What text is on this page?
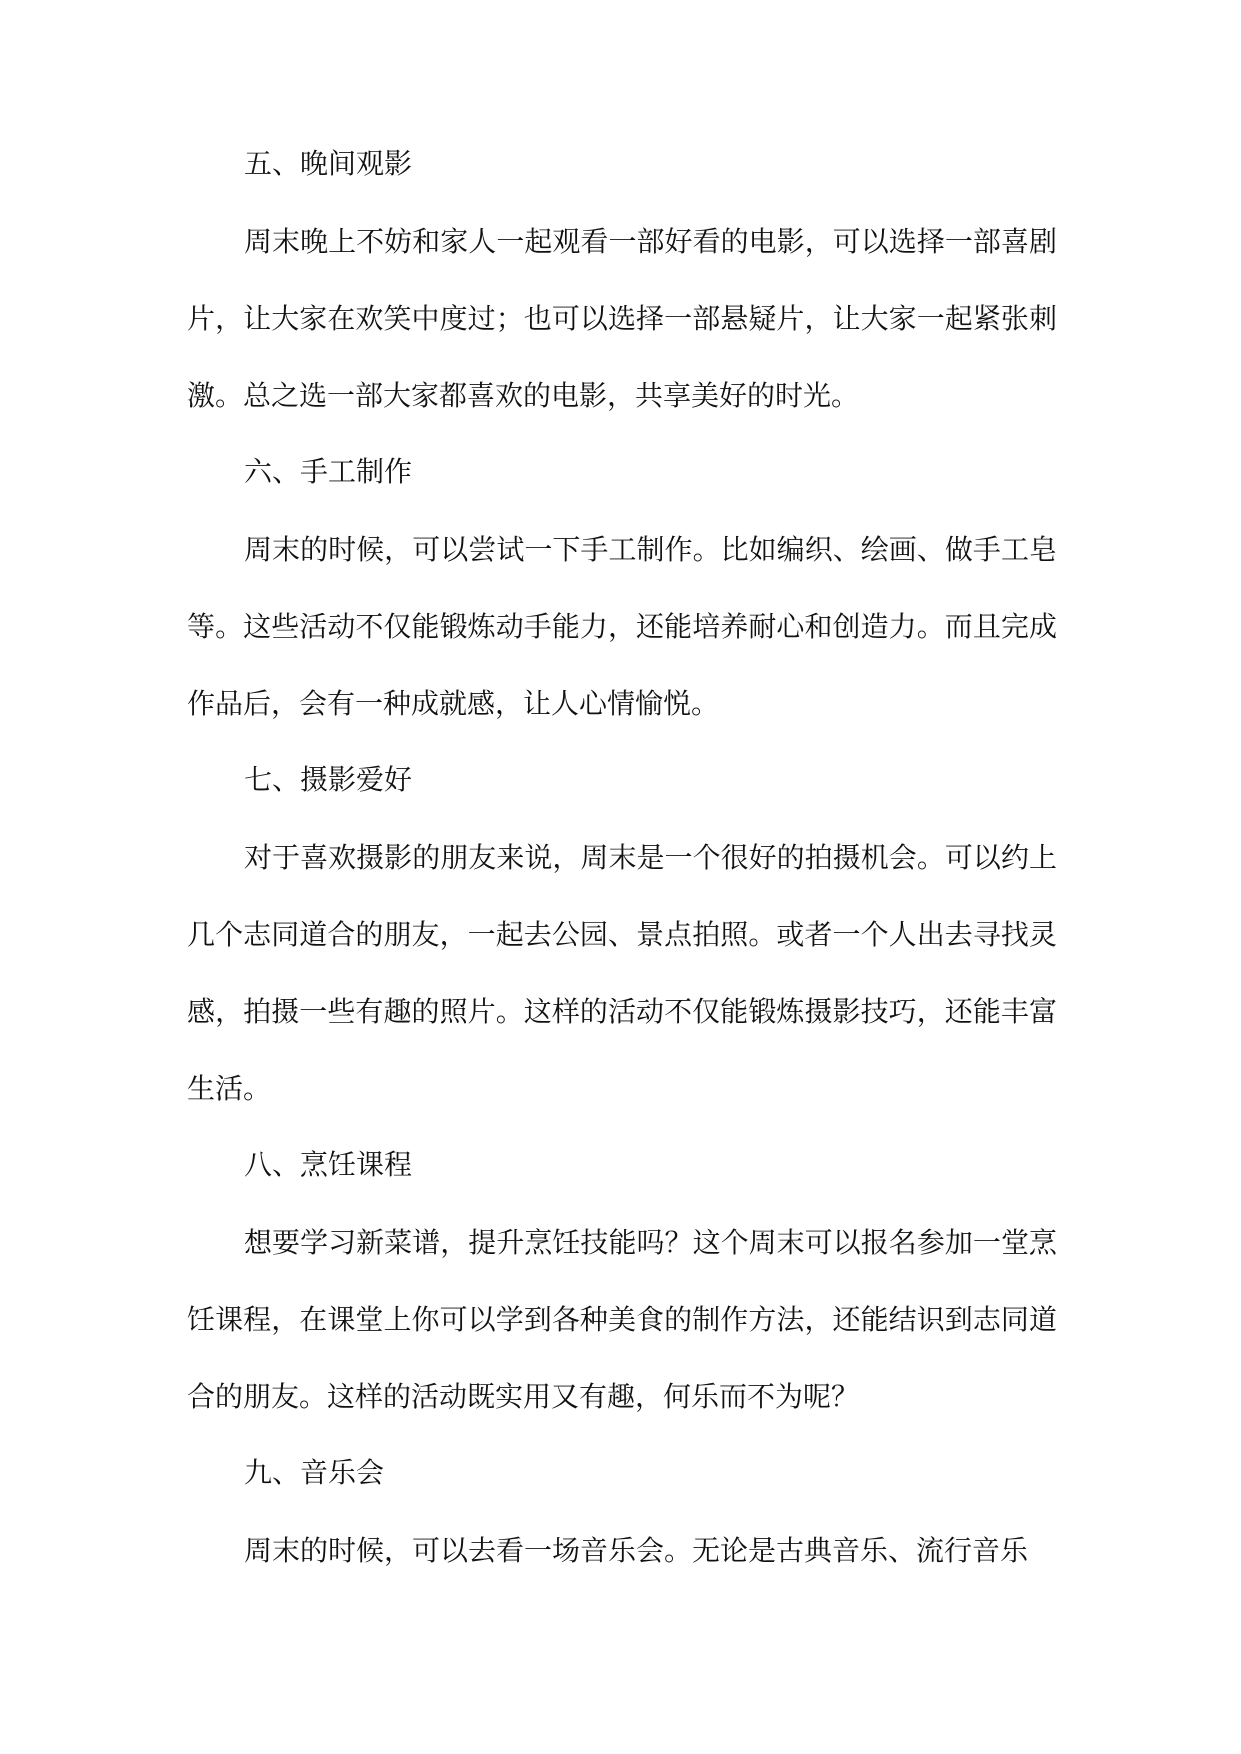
五、晚间观影

周末晚上不妨和家人一起观看一部好看的电影，可以选择一部喜剧片，让大家在欢笑中度过；也可以选择一部悬疑片，让大家一起紧张刺激。总之选一部大家都喜欢的电影，共享美好的时光。

六、手工制作

周末的时候，可以尝试一下手工制作。比如编织、绘画、做手工皂等。这些活动不仅能锻炼动手能力，还能培养耐心和创造力。而且完成作品后，会有一种成就感，让人心情愉悦。

七、摄影爱好

对于喜欢摄影的朋友来说，周末是一个很好的拍摄机会。可以约上几个志同道合的朋友，一起去公园、景点拍照。或者一个人出去寻找灵感，拍摄一些有趣的照片。这样的活动不仅能锻炼摄影技巧，还能丰富生活。

八、烹饪课程

想要学习新菜谱，提升烹饪技能吗？这个周末可以报名参加一堂烹饪课程，在课堂上你可以学到各种美食的制作方法，还能结识到志同道合的朋友。这样的活动既实用又有趣，何乐而不为呢？

九、音乐会

周末的时候，可以去看一场音乐会。无论是古典音乐、流行音乐
